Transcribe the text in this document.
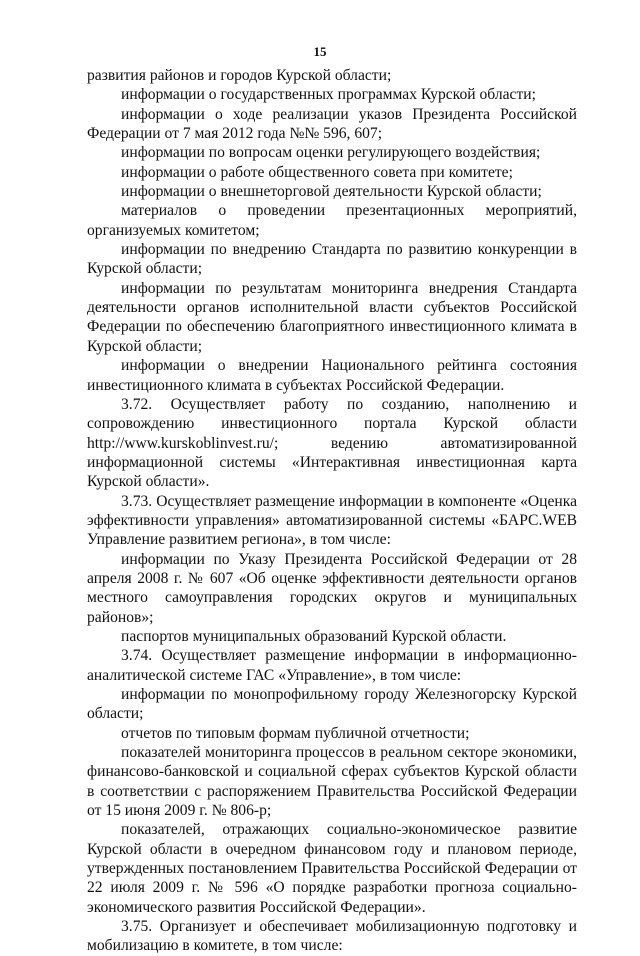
15

развития районов и городов Курской области;

информации о государственных программах Курской области;

информации о ходе реализации указов Президента Российской Федерации от 7 мая 2012 года №№ 596, 607;

информации по вопросам оценки регулирующего воздействия;

информации о работе общественного совета при комитете;

информации о внешнеторговой деятельности Курской области;

материалов о проведении презентационных мероприятий, организуемых комитетом;

информации по внедрению Стандарта по развитию конкуренции в Курской области;

информации по результатам мониторинга внедрения Стандарта деятельности органов исполнительной власти субъектов Российской Федерации по обеспечению благоприятного инвестиционного климата в Курской области;

информации о внедрении Национального рейтинга состояния инвестиционного климата в субъектах Российской Федерации.

3.72. Осуществляет работу по созданию, наполнению и сопровождению инвестиционного портала Курской области http://www.kurskoblinvest.ru/; ведению автоматизированной информационной системы «Интерактивная инвестиционная карта Курской области».

3.73. Осуществляет размещение информации в компоненте «Оценка эффективности управления» автоматизированной системы «БАРС.WEB Управление развитием региона», в том числе:

информации по Указу Президента Российской Федерации от 28 апреля 2008 г. № 607 «Об оценке эффективности деятельности органов местного самоуправления городских округов и муниципальных районов»;

паспортов муниципальных образований Курской области.

3.74. Осуществляет размещение информации в информационно-аналитической системе ГАС «Управление», в том числе:

информации по монопрофильному городу Железногорску Курской области;

отчетов по типовым формам публичной отчетности;

показателей мониторинга процессов в реальном секторе экономики, финансово-банковской и социальной сферах субъектов Курской области в соответствии с распоряжением Правительства Российской Федерации от 15 июня 2009 г. № 806-р;

показателей, отражающих социально-экономическое развитие Курской области в очередном финансовом году и плановом периоде, утвержденных постановлением Правительства Российской Федерации от 22 июля 2009 г. № 596 «О порядке разработки прогноза социально-экономического развития Российской Федерации».

3.75. Организует и обеспечивает мобилизационную подготовку и мобилизацию в комитете, в том числе:
